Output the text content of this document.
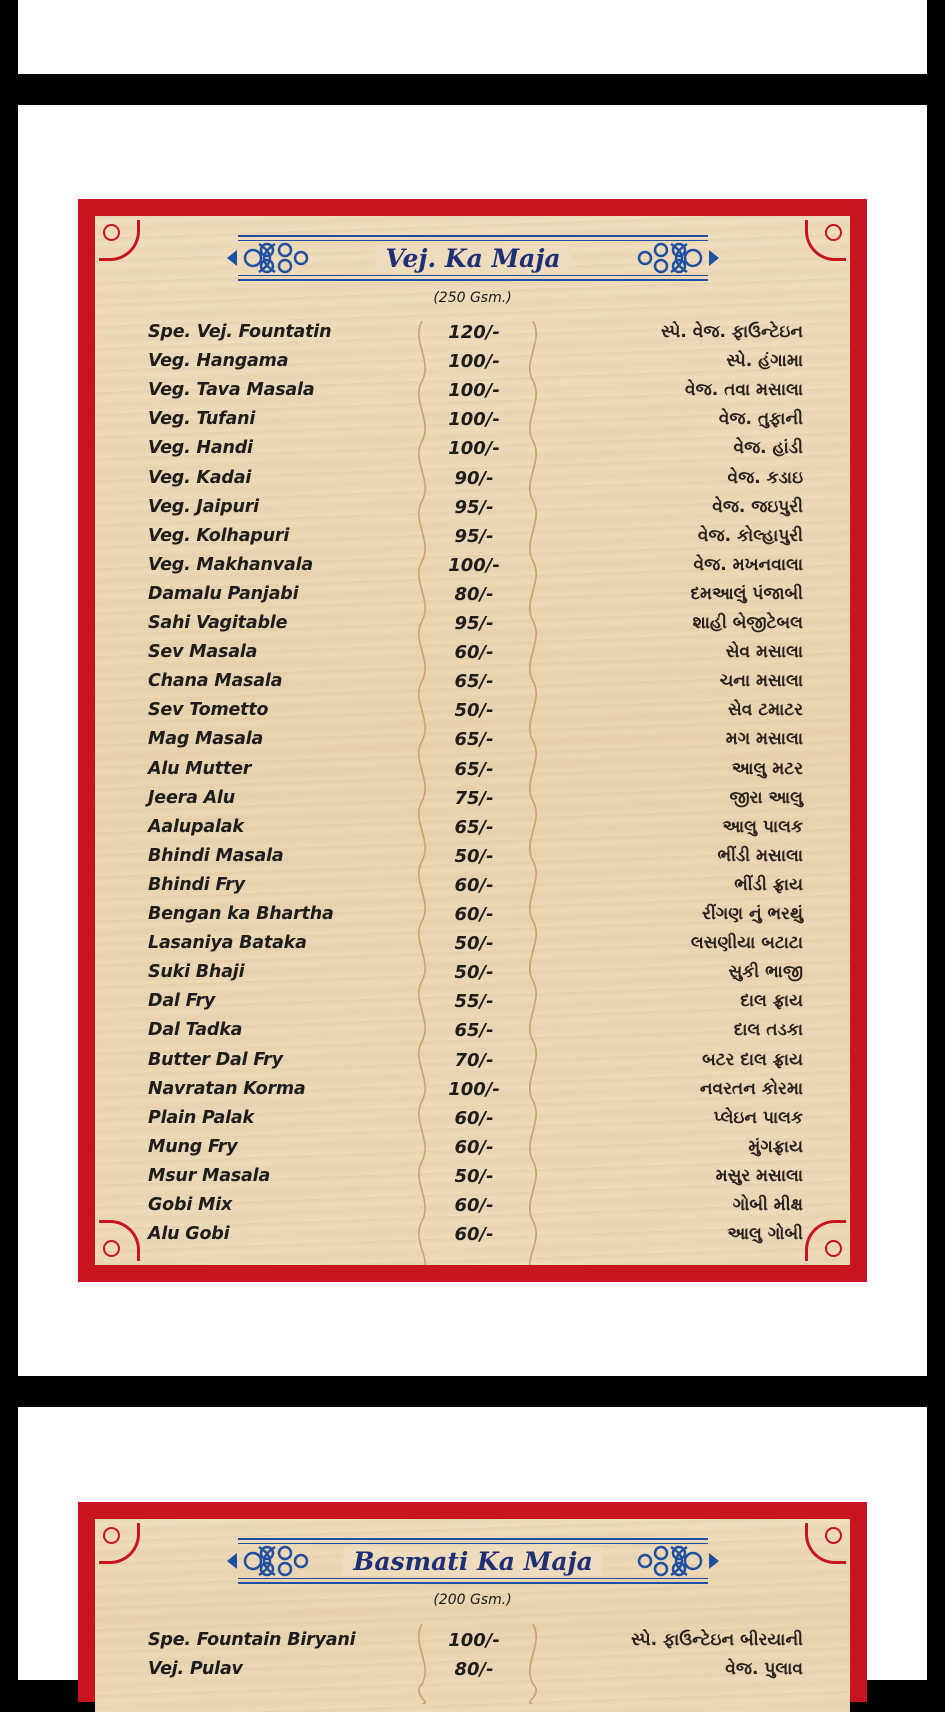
Vej. Ka Maja
(250 Gsm.)
Spe. Vej. Fountatin	120/-	સ્પે. વેજ. ફાઉન્ટેઇન
Veg. Hangama	100/-	સ્પે. હંગામા
Veg. Tava Masala	100/-	વેજ. તવા મસાલા
Veg. Tufani	100/-	વેજ. તુફાની
Veg. Handi	100/-	વેજ. હાંડી
Veg. Kadai	90/-	વેજ. કડાઇ
Veg. Jaipuri	95/-	વેજ. જઇપુરી
Veg. Kolhapuri	95/-	વેજ. કોલ્હાપુરી
Veg. Makhanvala	100/-	વેજ. મખનવાલા
Damalu Panjabi	80/-	દમઆલું પંજાબી
Sahi Vagitable	95/-	શાહી બેજીટેબલ
Sev Masala	60/-	સેવ મસાલા
Chana Masala	65/-	ચના મસાલા
Sev Tometto	50/-	સેવ ટમાટર
Mag Masala	65/-	મગ મસાલા
Alu Mutter	65/-	આલુ મટર
Jeera Alu	75/-	જીરા આલુ
Aalupalak	65/-	આલુ પાલક
Bhindi Masala	50/-	ભીંડી મસાલા
Bhindi Fry	60/-	ભીંડી ફ્રાય
Bengan ka Bhartha	60/-	રીંગણ નું ભરથું
Lasaniya Bataka	50/-	લસણીયા બટાટા
Suki Bhaji	50/-	સુકી ભાજી
Dal Fry	55/-	દાલ ફ્રાય
Dal Tadka	65/-	દાલ તડકા
Butter Dal Fry	70/-	બટર દાલ ફ્રાય
Navratan Korma	100/-	નવરતન કોરમા
Plain Palak	60/-	પ્લેઇન પાલક
Mung Fry	60/-	મુંગફ્રાય
Msur Masala	50/-	મસુર મસાલા
Gobi Mix	60/-	ગોબી મીક્ષ
Alu Gobi	60/-	આલુ ગોબી
Basmati Ka Maja
(200 Gsm.)
Spe. Fountain Biryani	100/-	સ્પે. ફાઉન્ટેઇન બીરયાની
Vej. Pulav	80/-	વેજ. પુલાવ
